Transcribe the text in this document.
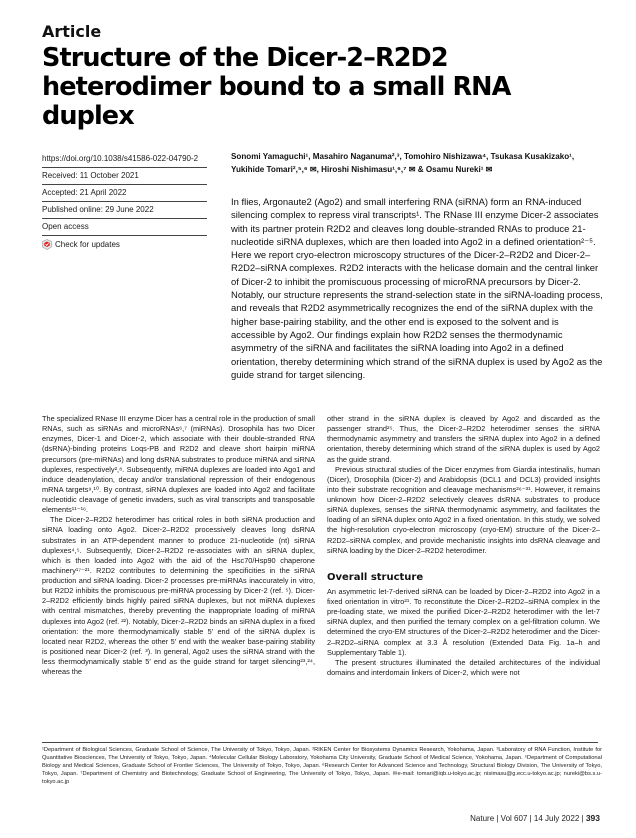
Article
Structure of the Dicer-2–R2D2 heterodimer bound to a small RNA duplex
https://doi.org/10.1038/s41586-022-04790-2
Received: 11 October 2021
Accepted: 21 April 2022
Published online: 29 June 2022
Open access
Check for updates
Sonomi Yamaguchi¹, Masahiro Naganuma²,³, Tomohiro Nishizawa⁴, Tsukasa Kusakizako¹, Yukihide Tomari²,⁵,⁶ ✉, Hiroshi Nishimasu¹,⁶,⁷ ✉ & Osamu Nureki¹ ✉
In flies, Argonaute2 (Ago2) and small interfering RNA (siRNA) form an RNA-induced silencing complex to repress viral transcripts¹. The RNase III enzyme Dicer-2 associates with its partner protein R2D2 and cleaves long double-stranded RNAs to produce 21-nucleotide siRNA duplexes, which are then loaded into Ago2 in a defined orientation²⁻⁵. Here we report cryo-electron microscopy structures of the Dicer-2–R2D2 and Dicer-2–R2D2–siRNA complexes. R2D2 interacts with the helicase domain and the central linker of Dicer-2 to inhibit the promiscuous processing of microRNA precursors by Dicer-2. Notably, our structure represents the strand-selection state in the siRNA-loading process, and reveals that R2D2 asymmetrically recognizes the end of the siRNA duplex with the higher base-pairing stability, and the other end is exposed to the solvent and is accessible by Ago2. Our findings explain how R2D2 senses the thermodynamic asymmetry of the siRNA and facilitates the siRNA loading into Ago2 in a defined orientation, thereby determining which strand of the siRNA duplex is used by Ago2 as the guide strand for target silencing.

The specialized RNase III enzyme Dicer has a central role in the production of small RNAs, such as siRNAs and microRNAs⁶,⁷ (miRNAs). Drosophila has two Dicer enzymes, Dicer-1 and Dicer-2, which associate with their double-stranded RNA (dsRNA)-binding proteins Loqs-PB and R2D2 and cleave short hairpin miRNA precursors (pre-miRNAs) and long dsRNA substrates to produce miRNA and siRNA duplexes, respectively²,⁸. Subsequently, miRNA duplexes are loaded into Ago1 and induce deadenylation, decay and/or translational repression of their endogenous mRNA targets⁹,¹⁰. By contrast, siRNA duplexes are loaded into Ago2 and facilitate nucleotidic cleavage of genetic invaders, such as viral transcripts and transposable elements¹¹⁻¹⁶.

The Dicer-2–R2D2 heterodimer has critical roles in both siRNA production and siRNA loading onto Ago2. Dicer-2–R2D2 processively cleaves long dsRNA substrates in an ATP-dependent manner to produce 21-nucleotide (nt) siRNA duplexes⁴,⁵. Subsequently, Dicer-2–R2D2 re-associates with an siRNA duplex, which is then loaded into Ago2 with the aid of the Hsc70/Hsp90 chaperone machinery¹⁷⁻²¹. R2D2 contributes to determining the specificities in the siRNA production and siRNA loading. Dicer-2 processes pre-miRNAs inaccurately in vitro, but R2D2 inhibits the promiscuous pre-miRNA processing by Dicer-2 (ref. ⁵). Dicer-2–R2D2 efficiently binds highly paired siRNA duplexes, but not miRNA duplexes with central mismatches, thereby preventing the inappropriate loading of miRNA duplexes into Ago2 (ref. ²²). Notably, Dicer-2–R2D2 binds an siRNA duplex in a fixed orientation: the more thermodynamically stable 5′ end of the siRNA duplex is located near R2D2, whereas the other 5′ end with the weaker base-pairing stability is positioned near Dicer-2 (ref. ³). In general, Ago2 uses the siRNA strand with the less thermodynamically stable 5′ end as the guide strand for target silencing²³,²⁴, whereas the

other strand in the siRNA duplex is cleaved by Ago2 and discarded as the passenger strand²⁵. Thus, the Dicer-2–R2D2 heterodimer senses the siRNA thermodynamic asymmetry and transfers the siRNA duplex into Ago2 in a defined orientation, thereby determining which strand of the siRNA duplex is used by Ago2 as the guide strand.

Previous structural studies of the Dicer enzymes from Giardia intestinalis, human (Dicer), Drosophila (Dicer-2) and Arabidopsis (DCL1 and DCL3) provided insights into their substrate recognition and cleavage mechanisms²⁶⁻³¹. However, it remains unknown how Dicer-2–R2D2 selectively cleaves dsRNA substrates to produce siRNA duplexes, senses the siRNA thermodynamic asymmetry, and facilitates the loading of an siRNA duplex onto Ago2 in a fixed orientation. In this study, we solved the high-resolution cryo-electron microscopy (cryo-EM) structure of the Dicer-2–R2D2–siRNA complex, and provide mechanistic insights into dsRNA cleavage and siRNA loading by the Dicer-2–R2D2 heterodimer.

Overall structure

An asymmetric let-7-derived siRNA can be loaded by Dicer-2–R2D2 into Ago2 in a fixed orientation in vitro²¹. To reconstitute the Dicer-2–R2D2–siRNA complex in the pre-loading state, we mixed the purified Dicer-2–R2D2 heterodimer with the let-7 siRNA duplex, and then purified the ternary complex on a gel-filtration column. We determined the cryo-EM structures of the Dicer-2–R2D2 heterodimer and the Dicer-2–R2D2–siRNA complex at 3.3 Å resolution (Extended Data Fig. 1a–h and Supplementary Table 1).

The present structures illuminated the detailed architectures of the individual domains and interdomain linkers of Dicer-2, which were not

¹Department of Biological Sciences, Graduate School of Science, The University of Tokyo, Tokyo, Japan. ²RIKEN Center for Biosystems Dynamics Research, Yokohama, Japan. ³Laboratory of RNA Function, Institute for Quantitative Biosciences, The University of Tokyo, Tokyo, Japan. ⁴Molecular Cellular Biology Laboratory, Yokohama City University, Graduate School of Medical Science, Yokohama, Japan. ⁵Department of Computational Biology and Medical Sciences, Graduate School of Frontier Sciences, The University of Tokyo, Tokyo, Japan. ⁶Research Center for Advanced Science and Technology, Structural Biology Division, The University of Tokyo, Tokyo, Japan. ⁷Department of Chemistry and Biotechnology, Graduate School of Engineering, The University of Tokyo, Tokyo, Japan. ✉e-mail: tomari@iqb.u-tokyo.ac.jp; nisimasu@g.ecc.u-tokyo.ac.jp; nureki@bs.s.u-tokyo.ac.jp
Nature | Vol 607 | 14 July 2022 | 393
